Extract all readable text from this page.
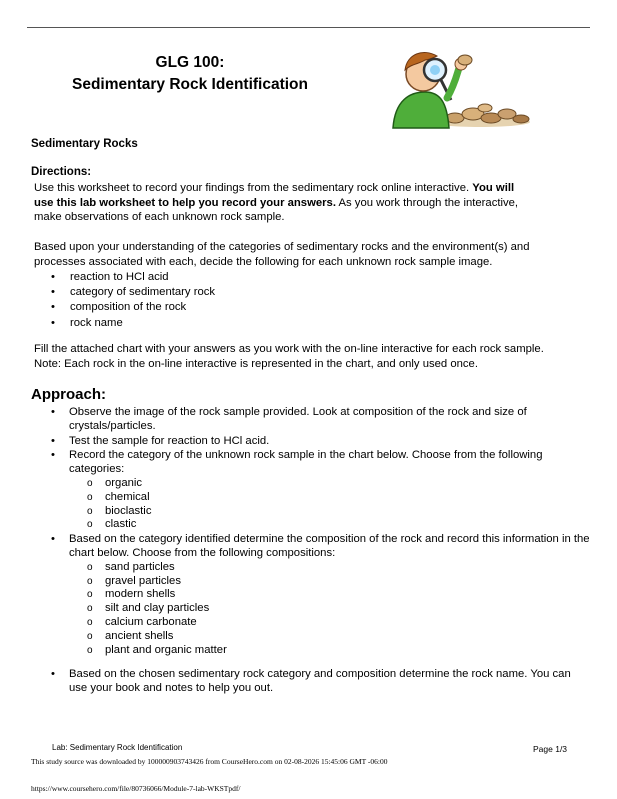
GLG 100:
Sedimentary Rock Identification
Sedimentary Rocks
Directions:
Use this worksheet to record your findings from the sedimentary rock online interactive. You will use this lab worksheet to help you record your answers. As you work through the interactive, make observations of each unknown rock sample.
Based upon your understanding of the categories of sedimentary rocks and the environment(s) and processes associated with each, decide the following for each unknown rock sample image.
• reaction to HCl acid
• category of sedimentary rock
• composition of the rock
• rock name
Fill the attached chart with your answers as you work with the on-line interactive for each rock sample. Note: Each rock in the on-line interactive is represented in the chart, and only used once.
Approach:
• Observe the image of the rock sample provided. Look at composition of the rock and size of crystals/particles.
• Test the sample for reaction to HCl acid.
• Record the category of the unknown rock sample in the chart below. Choose from the following categories:
o organic
o chemical
o bioclastic
o clastic
• Based on the category identified determine the composition of the rock and record this information in the chart below. Choose from the following compositions:
o sand particles
o gravel particles
o modern shells
o silt and clay particles
o calcium carbonate
o ancient shells
o plant and organic matter
• Based on the chosen sedimentary rock category and composition determine the rock name. You can use your book and notes to help you out.
Lab: Sedimentary Rock Identification	Page 1/3
This study source was downloaded by 100000903743426 from CourseHero.com on 02-08-2026 15:45:06 GMT -06:00
https://www.coursehero.com/file/80736066/Module-7-lab-WKSTpdf/
